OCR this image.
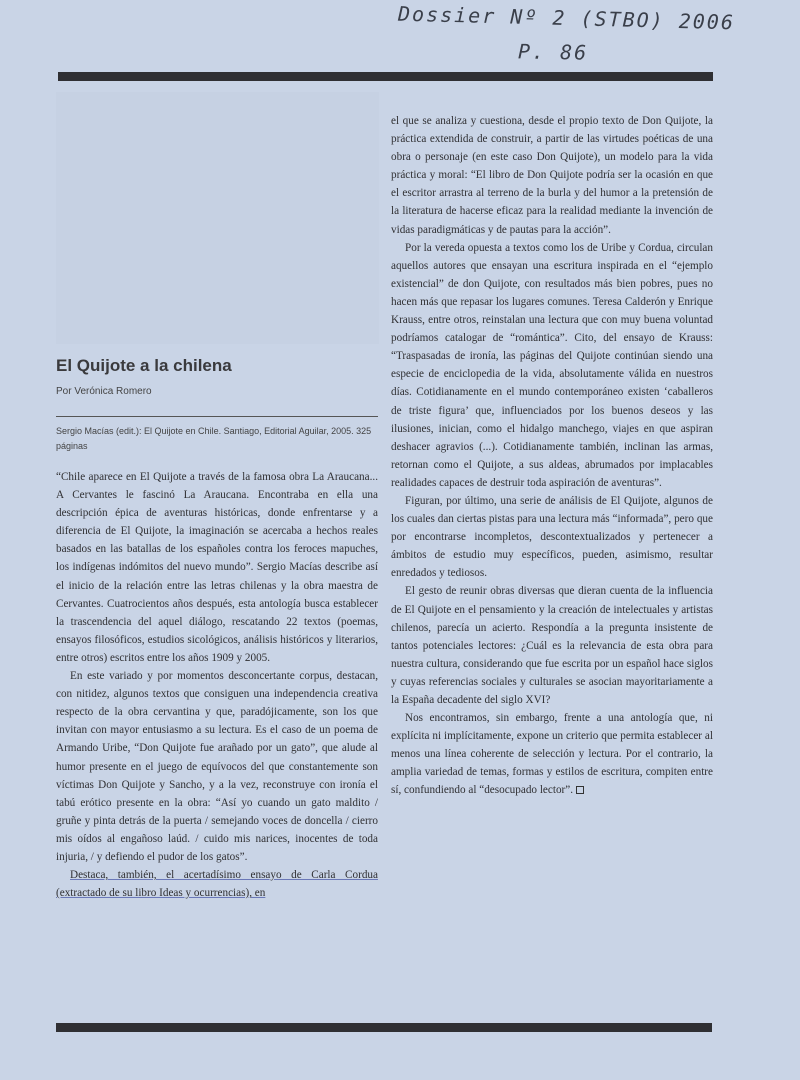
Dossier Nº 2 (STBO) 2006
P. 86
El Quijote a la chilena
Por Verónica Romero
Sergio Macías (edit.): El Quijote en Chile. Santiago, Editorial Aguilar, 2005. 325 páginas

“Chile aparece en El Quijote a través de la famosa obra La Araucana... A Cervantes le fascinó La Araucana. Encontraba en ella una descripción épica de aventuras históricas, donde enfrentarse y a diferencia de El Quijote, la imaginación se acercaba a hechos reales basados en las batallas de los españoles contra los feroces mapuches, los indígenas indómitos del nuevo mundo”. Sergio Macías describe así el inicio de la relación entre las letras chilenas y la obra maestra de Cervantes. Cuatrocientos años después, esta antología busca establecer la trascendencia del aquel diálogo, rescatando 22 textos (poemas, ensayos filosóficos, estudios sicológicos, análisis históricos y literarios, entre otros) escritos entre los años 1909 y 2005.

En este variado y por momentos desconcertante corpus, destacan, con nitidez, algunos textos que consiguen una independencia creativa respecto de la obra cervantina y que, paradójicamente, son los que invitan con mayor entusiasmo a su lectura. Es el caso de un poema de Armando Uribe, “Don Quijote fue arañado por un gato”, que alude al humor presente en el juego de equívocos del que constantemente son víctimas Don Quijote y Sancho, y a la vez, reconstruye con ironía el tabú erótico presente en la obra: “Así yo cuando un gato maldito / gruñe y pinta detrás de la puerta / semejando voces de doncella / cierro mis oídos al engañoso laúd. / cuido mis narices, inocentes de toda injuria, / y defiendo el pudor de los gatos”.

Destaca, también, el acertadísimo ensayo de Carla Cordua (extractado de su libro Ideas y ocurrencias), en

el que se analiza y cuestiona, desde el propio texto de Don Quijote, la práctica extendida de construir, a partir de las virtudes poéticas de una obra o personaje (en este caso Don Quijote), un modelo para la vida práctica y moral: “El libro de Don Quijote podría ser la ocasión en que el escritor arrastra al terreno de la burla y del humor a la pretensión de la literatura de hacerse eficaz para la realidad mediante la invención de vidas paradigmáticas y de pautas para la acción”.

Por la vereda opuesta a textos como los de Uribe y Cordua, circulan aquellos autores que ensayan una escritura inspirada en el “ejemplo existencial” de don Quijote, con resultados más bien pobres, pues no hacen más que repasar los lugares comunes. Teresa Calderón y Enrique Krauss, entre otros, reinstalan una lectura que con muy buena voluntad podríamos catalogar de “romántica”. Cito, del ensayo de Krauss: “Traspasadas de ironía, las páginas del Quijote continúan siendo una especie de enciclopedia de la vida, absolutamente válida en nuestros días. Cotidianamente en el mundo contemporáneo existen ‘caballeros de triste figura’ que, influenciados por los buenos deseos y las ilusiones, inician, como el hidalgo manchego, viajes en que aspiran deshacer agravios (...). Cotidianamente también, inclinan las armas, retornan como el Quijote, a sus aldeas, abrumados por implacables realidades capaces de destruir toda aspiración de aventuras”.

Figuran, por último, una serie de análisis de El Quijote, algunos de los cuales dan ciertas pistas para una lectura más “informada”, pero que por encontrarse incompletos, descontextualizados y pertenecer a ámbitos de estudio muy específicos, pueden, asimismo, resultar enredados y tediosos.

El gesto de reunir obras diversas que dieran cuenta de la influencia de El Quijote en el pensamiento y la creación de intelectuales y artistas chilenos, parecía un acierto. Respondía a la pregunta insistente de tantos potenciales lectores: ¿Cuál es la relevancia de esta obra para nuestra cultura, considerando que fue escrita por un español hace siglos y cuyas referencias sociales y culturales se asocian mayoritariamente a la España decadente del siglo XVI?

Nos encontramos, sin embargo, frente a una antología que, ni explícita ni implícitamente, expone un criterio que permita establecer al menos una línea coherente de selección y lectura. Por el contrario, la amplia variedad de temas, formas y estilos de escritura, compiten entre sí, confundiendo al “desocupado lector”.
